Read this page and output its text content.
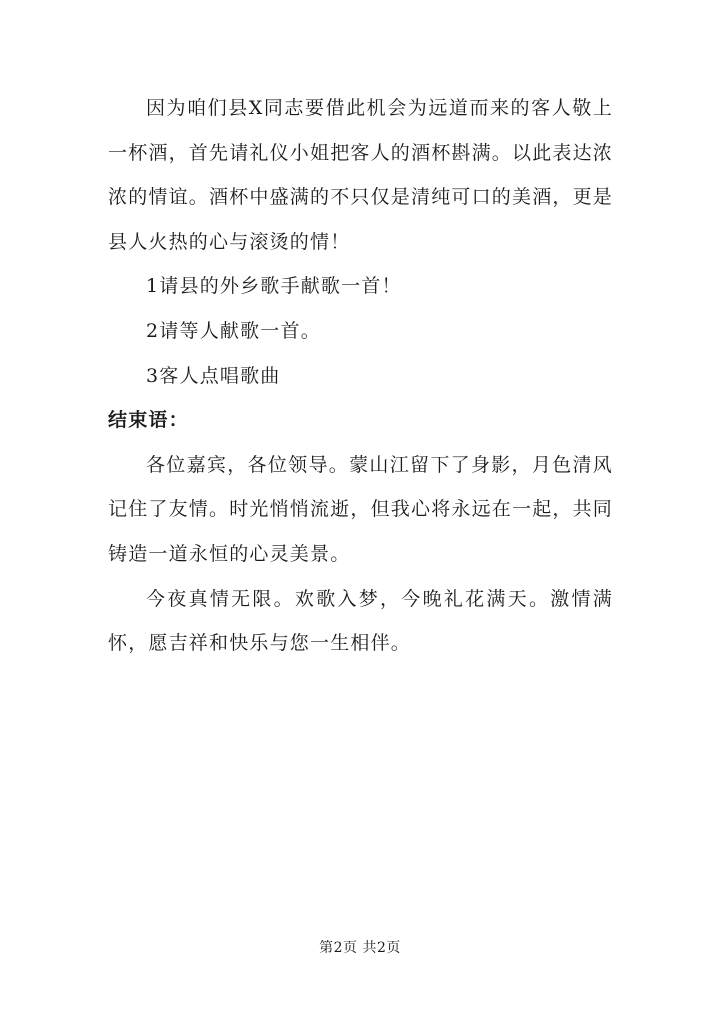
因为咱们县X同志要借此机会为远道而来的客人敬上一杯酒，首先请礼仪小姐把客人的酒杯斟满。以此表达浓浓的情谊。酒杯中盛满的不只仅是清纯可口的美酒，更是县人火热的心与滚烫的情！

1请县的外乡歌手献歌一首！

2请等人献歌一首。

3客人点唱歌曲

结束语：

各位嘉宾，各位领导。蒙山江留下了身影，月色清风记住了友情。时光悄悄流逝，但我心将永远在一起，共同铸造一道永恒的心灵美景。

今夜真情无限。欢歌入梦，今晚礼花满天。激情满怀，愿吉祥和快乐与您一生相伴。

第2页 共2页
